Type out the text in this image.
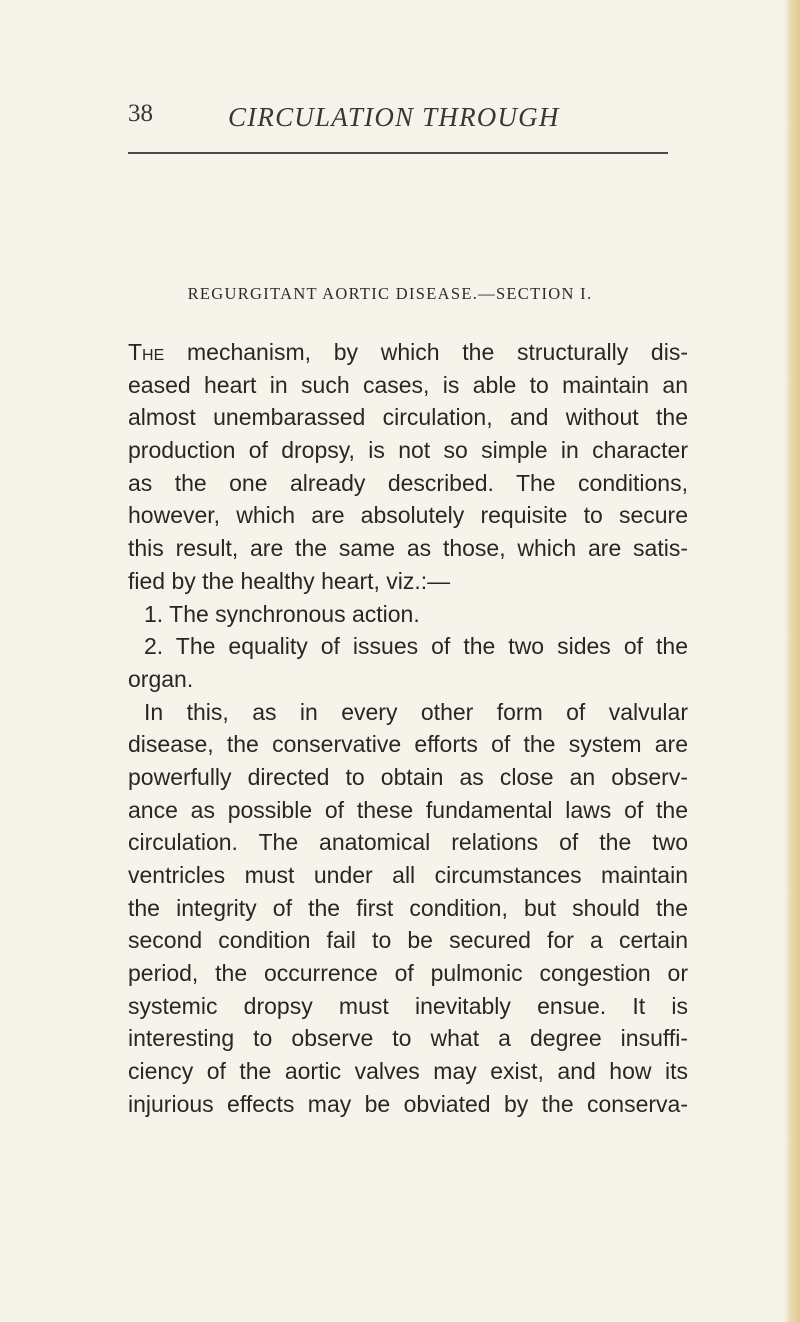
38	CIRCULATION THROUGH
REGURGITANT AORTIC DISEASE.—SECTION I.
The mechanism, by which the structurally dis-
eased heart in such cases, is able to maintain an
almost unembarassed circulation, and without the
production of dropsy, is not so simple in character
as the one already described. The conditions,
however, which are absolutely requisite to secure
this result, are the same as those, which are satis-
fied by the healthy heart, viz.:—
1. The synchronous action.
2. The equality of issues of the two sides of the
organ.
In this, as in every other form of valvular
disease, the conservative efforts of the system are
powerfully directed to obtain as close an observ-
ance as possible of these fundamental laws of the
circulation. The anatomical relations of the two
ventricles must under all circumstances maintain
the integrity of the first condition, but should the
second condition fail to be secured for a certain
period, the occurrence of pulmonic congestion or
systemic dropsy must inevitably ensue. It is
interesting to observe to what a degree insuffi-
ciency of the aortic valves may exist, and how its
injurious effects may be obviated by the conserva-
